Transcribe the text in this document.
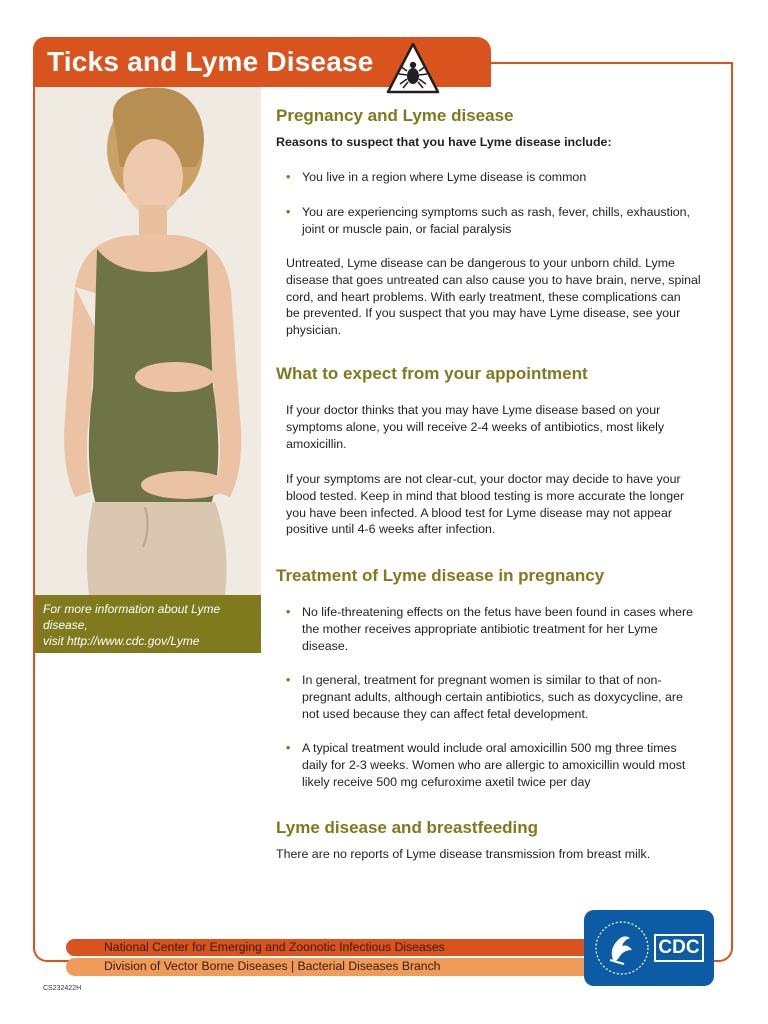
Ticks and Lyme Disease
For more information about Lyme disease,
visit http://www.cdc.gov/Lyme
Pregnancy and Lyme disease
Reasons to suspect that you have Lyme disease include:
• You live in a region where Lyme disease is common
• You are experiencing symptoms such as rash, fever, chills, exhaustion,
joint or muscle pain, or facial paralysis
Untreated, Lyme disease can be dangerous to your unborn child. Lyme
disease that goes untreated can also cause you to have brain, nerve, spinal
cord, and heart problems. With early treatment, these complications can
be prevented. If you suspect that you may have Lyme disease, see your
physician.
What to expect from your appointment
If your doctor thinks that you may have Lyme disease based on your
symptoms alone, you will receive 2-4 weeks of antibiotics, most likely
amoxicillin.
If your symptoms are not clear-cut, your doctor may decide to have your
blood tested. Keep in mind that blood testing is more accurate the longer
you have been infected. A blood test for Lyme disease may not appear
positive until 4-6 weeks after infection.
Treatment of Lyme disease in pregnancy
• No life-threatening effects on the fetus have been found in cases where
the mother receives appropriate antibiotic treatment for her Lyme
disease.
• In general, treatment for pregnant women is similar to that of non-
pregnant adults, although certain antibiotics, such as doxycycline, are
not used because they can affect fetal development.
• A typical treatment would include oral amoxicillin 500 mg three times
daily for 2-3 weeks. Women who are allergic to amoxicillin would most
likely receive 500 mg cefuroxime axetil twice per day
Lyme disease and breastfeeding
There are no reports of Lyme disease transmission from breast milk.
National Center for Emerging and Zoonotic Infectious Diseases
Division of Vector Borne Diseases | Bacterial Diseases Branch
CDC
CS232422H
